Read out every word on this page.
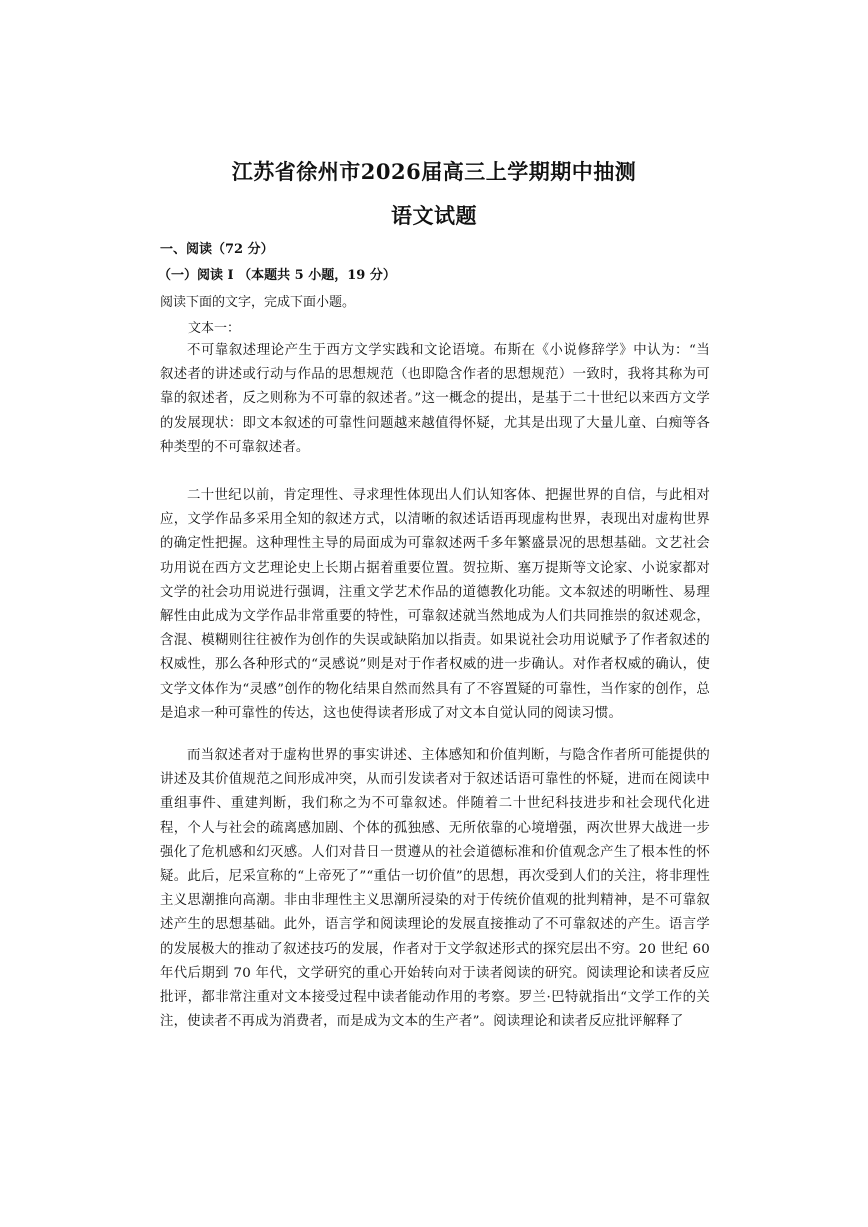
江苏省徐州市2026届高三上学期期中抽测
语文试题
一、阅读（72 分）
（一）阅读 I （本题共 5 小题，19 分）
阅读下面的文字，完成下面小题。
文本一：

不可靠叙述理论产生于西方文学实践和文论语境。布斯在《小说修辞学》中认为：“当叙述者的讲述或行动与作品的思想规范（也即隐含作者的思想规范）一致时，我将其称为可靠的叙述者，反之则称为不可靠的叙述者。”这一概念的提出，是基于二十世纪以来西方文学的发展现状：即文本叙述的可靠性问题越来越值得怀疑，尤其是出现了大量儿童、白痴等各种类型的不可靠叙述者。

二十世纪以前，肯定理性、寻求理性体现出人们认知客体、把握世界的自信，与此相对应，文学作品多采用全知的叙述方式，以清晰的叙述话语再现虚构世界，表现出对虚构世界的确定性把握。这种理性主导的局面成为可靠叙述两千多年繁盛景况的思想基础。文艺社会功用说在西方文艺理论史上长期占据着重要位置。贺拉斯、塞万提斯等文论家、小说家都对文学的社会功用说进行强调，注重文学艺术作品的道德教化功能。文本叙述的明晰性、易理解性由此成为文学作品非常重要的特性，可靠叙述就当然地成为人们共同推崇的叙述观念，含混、模糊则往往被作为创作的失误或缺陷加以指责。如果说社会功用说赋予了作者叙述的权威性，那么各种形式的“灵感说”则是对于作者权威的进一步确认。对作者权威的确认，使文学文体作为“灵感”创作的物化结果自然而然具有了不容置疑的可靠性，当作家的创作，总是追求一种可靠性的传达，这也使得读者形成了对文本自觉认同的阅读习惯。

而当叙述者对于虚构世界的事实讲述、主体感知和价值判断，与隐含作者所可能提供的讲述及其价值规范之间形成冲突，从而引发读者对于叙述话语可靠性的怀疑，进而在阅读中重组事件、重建判断，我们称之为不可靠叙述。伴随着二十世纪科技进步和社会现代化进程，个人与社会的疏离感加剧、个体的孤独感、无所依靠的心境增强，两次世界大战进一步强化了危机感和幻灭感。人们对昔日一贯遵从的社会道德标准和价值观念产生了根本性的怀疑。此后，尼采宣称的“上帝死了”“重估一切价值”的思想，再次受到人们的关注，将非理性主义思潮推向高潮。非由非理性主义思潮所浸染的对于传统价值观的批判精神，是不可靠叙述产生的思想基础。此外，语言学和阅读理论的发展直接推动了不可靠叙述的产生。语言学的发展极大的推动了叙述技巧的发展，作者对于文学叙述形式的探究层出不穷。20 世纪 60 年代后期到 70 年代，文学研究的重心开始转向对于读者阅读的研究。阅读理论和读者反应批评，都非常注重对文本接受过程中读者能动作用的考察。罗兰·巴特就指出“文学工作的关注，使读者不再成为消费者，而是成为文本的生产者”。阅读理论和读者反应批评解释了
